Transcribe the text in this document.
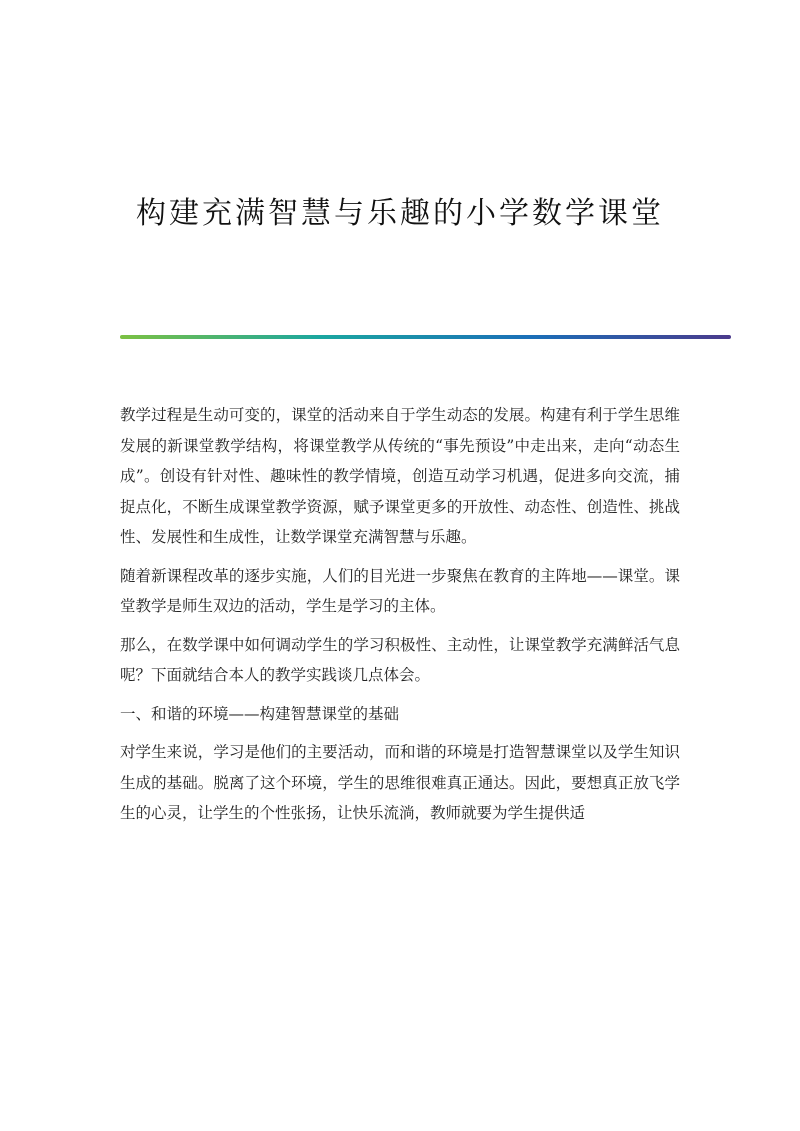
构建充满智慧与乐趣的小学数学课堂

教学过程是生动可变的，课堂的活动来自于学生动态的发展。构建有利于学生思维发展的新课堂教学结构，将课堂教学从传统的“事先预设”中走出来，走向“动态生成”。创设有针对性、趣味性的教学情境，创造互动学习机遇，促进多向交流，捕捉点化，不断生成课堂教学资源，赋予课堂更多的开放性、动态性、创造性、挑战性、发展性和生成性，让数学课堂充满智慧与乐趣。

随着新课程改革的逐步实施，人们的目光进一步聚焦在教育的主阵地——课堂。课堂教学是师生双边的活动，学生是学习的主体。

那么，在数学课中如何调动学生的学习积极性、主动性，让课堂教学充满鲜活气息呢？下面就结合本人的教学实践谈几点体会。

一、和谐的环境——构建智慧课堂的基础

对学生来说，学习是他们的主要活动，而和谐的环境是打造智慧课堂以及学生知识生成的基础。脱离了这个环境，学生的思维很难真正通达。因此，要想真正放飞学生的心灵，让学生的个性张扬，让快乐流淌，教师就要为学生提供适
